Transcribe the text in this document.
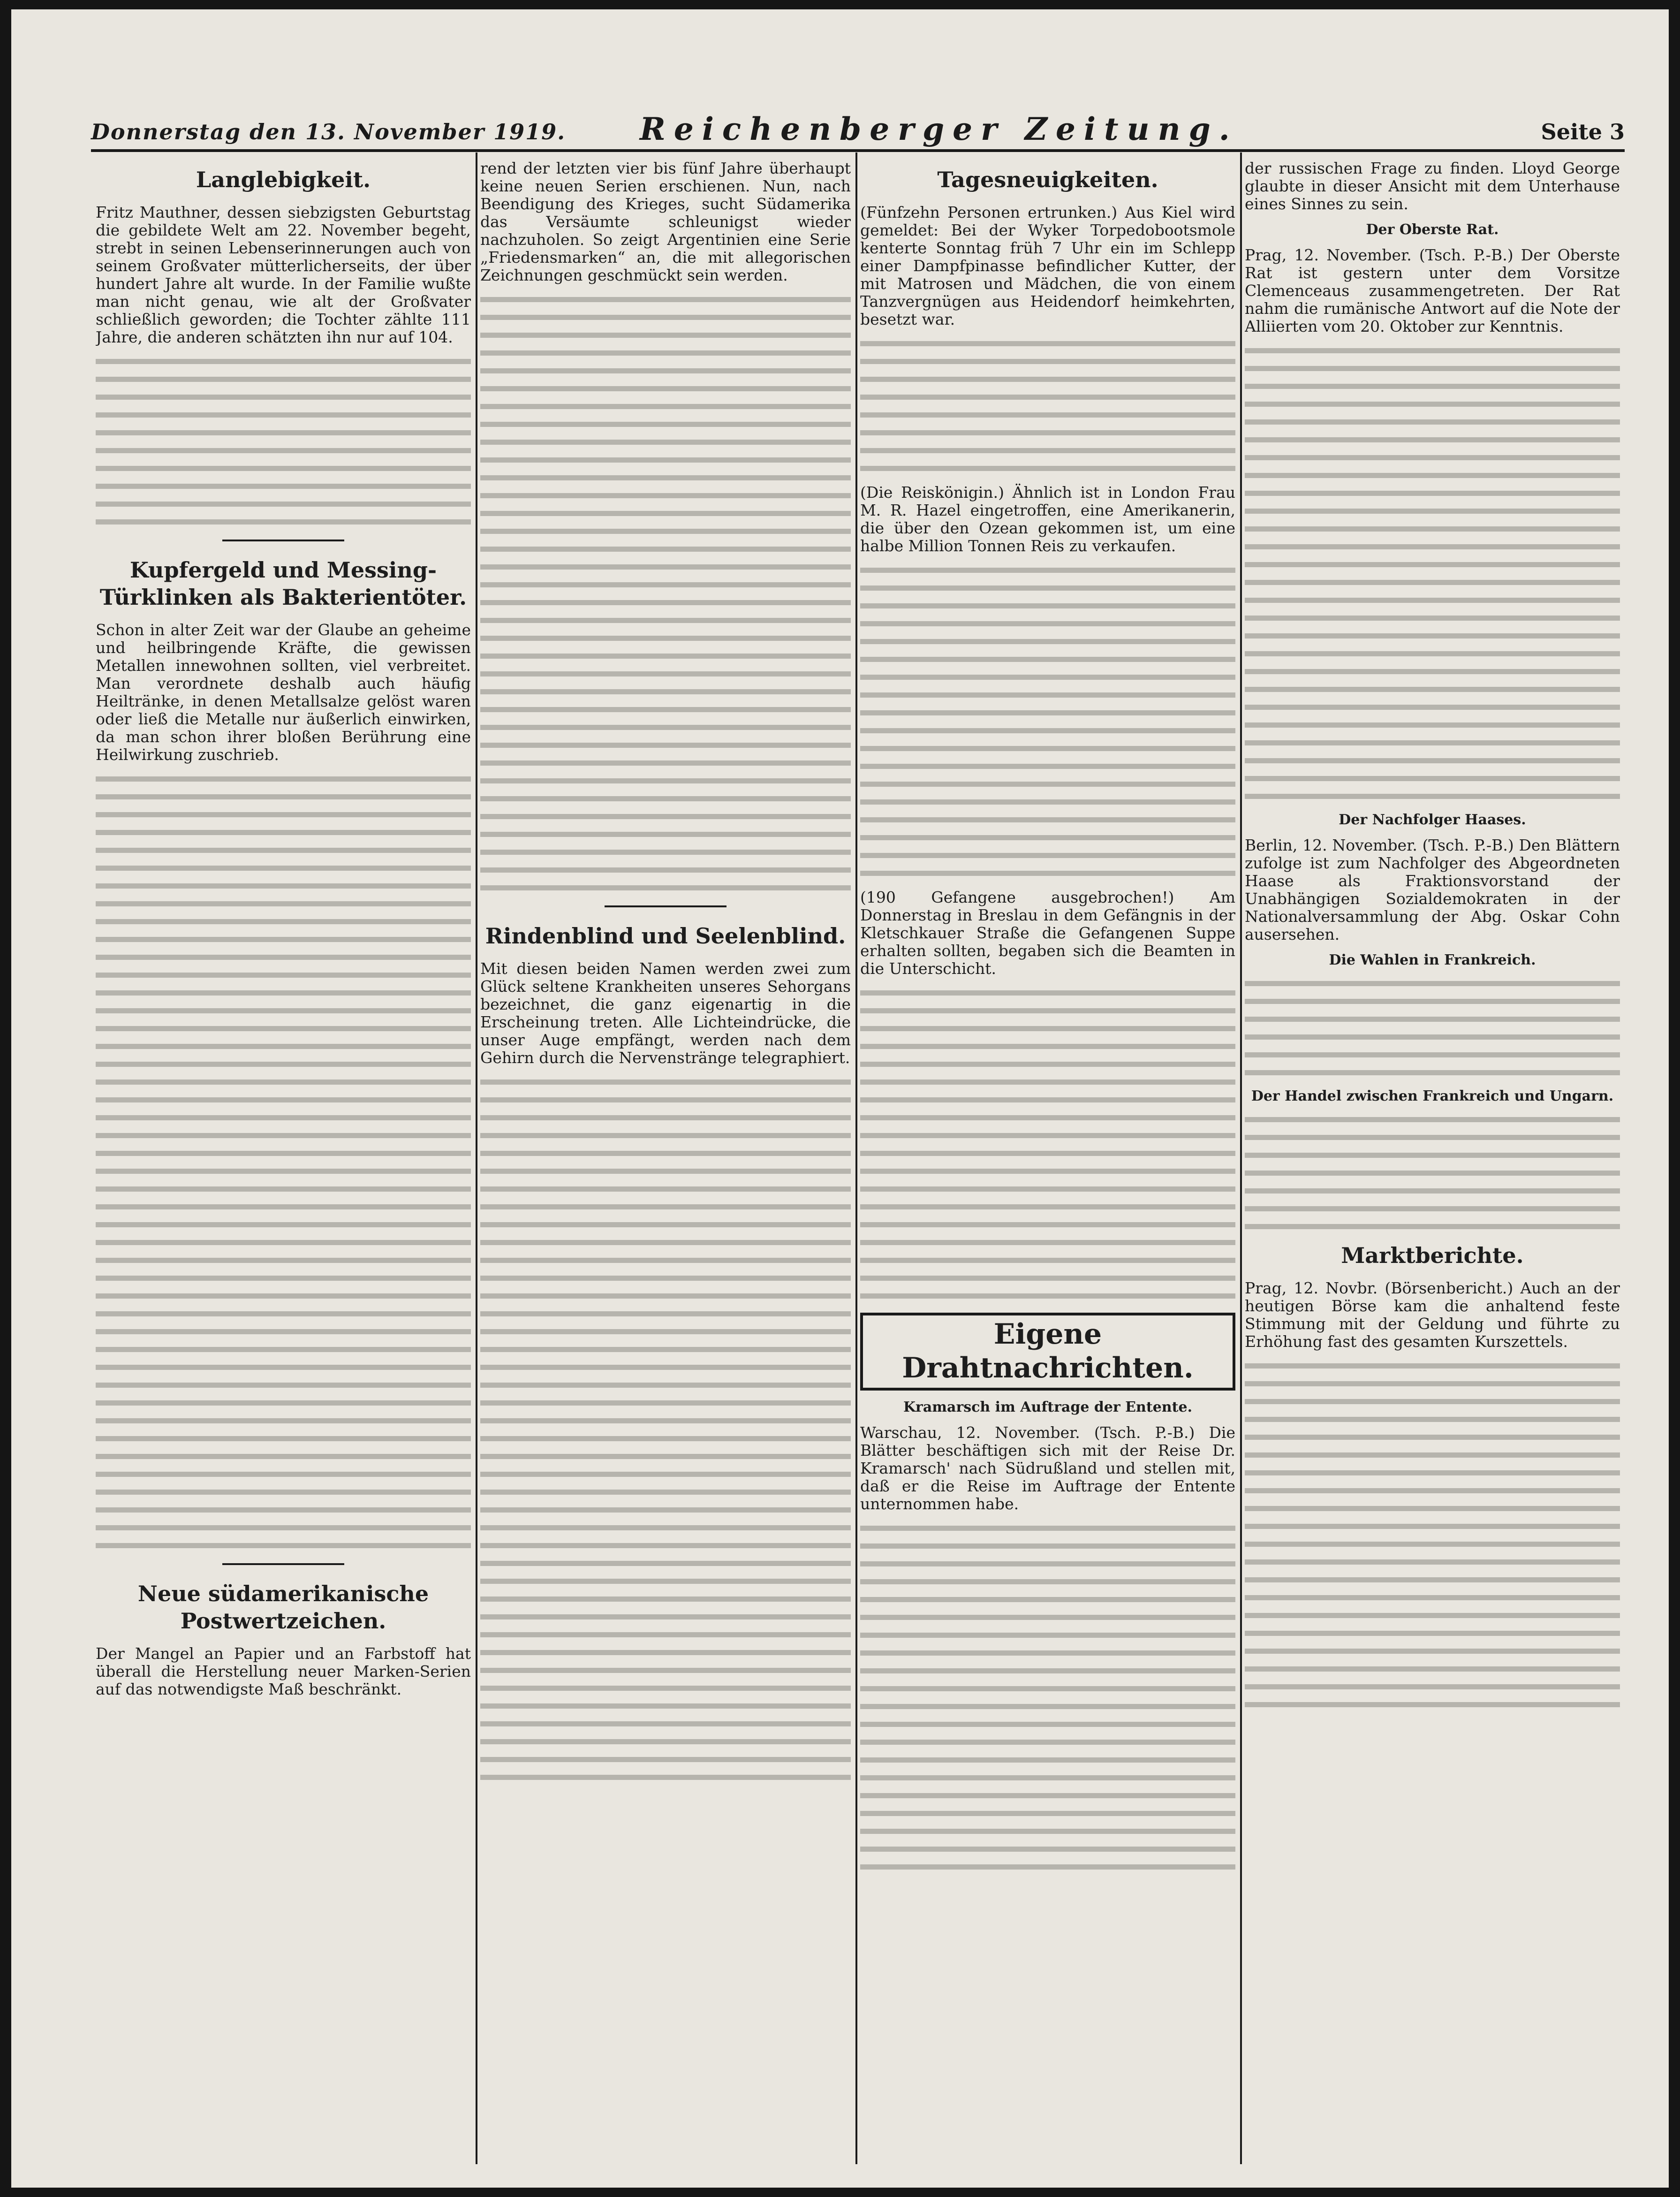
Donnerstag den 13. November 1919. Reichenberger Zeitung.	Seite 3
Langlebigkeit.

Fritz Mauthner, dessen siebzigsten Geburtstag die gebildete Welt am 22. November begeht, strebt in seinen Lebenserinnerungen auch von seinem Großvater mütterlicherseits, der über hundert Jahre alt wurde. In der Familie wußte man nicht genau, wie alt der Großvater schließlich geworden; die Tochter zählte 111 Jahre, die anderen schätzten ihn nur auf 104.

Kupfergeld und Messing-Türklinken als Bakterientöter.

Schon in alter Zeit war der Glaube an geheime und heilbringende Kräfte, die gewissen Metallen innewohnen sollten, viel verbreitet. Man verordnete deshalb auch häufig Heiltränke, in denen Metallsalze gelöst waren oder ließ die Metalle nur äußerlich einwirken, da man schon ihrer bloßen Berührung eine Heilwirkung zuschrieb.

Neue südamerikanische Postwertzeichen.

Der Mangel an Papier und an Farbstoff hat überall die Herstellung neuer Marken-Serien auf das notwendigste Maß beschränkt.

rend der letzten vier bis fünf Jahre überhaupt keine neuen Serien erschienen. Nun, nach Beendigung des Krieges, sucht Südamerika das Versäumte schleunigst wieder nachzuholen. So zeigt Argentinien eine Serie „Friedensmarken“ an, die mit allegorischen Zeichnungen geschmückt sein werden.

Rindenblind und Seelenblind.

Mit diesen beiden Namen werden zwei zum Glück seltene Krankheiten unseres Sehorgans bezeichnet, die ganz eigenartig in die Erscheinung treten. Alle Lichteindrücke, die unser Auge empfängt, werden nach dem Gehirn durch die Nervenstränge telegraphiert.

Tagesneuigkeiten.

(Fünfzehn Personen ertrunken.) Aus Kiel wird gemeldet: Bei der Wyker Torpedobootsmole kenterte Sonntag früh 7 Uhr ein im Schlepp einer Dampfpinasse befindlicher Kutter, der mit Matrosen und Mädchen, die von einem Tanzvergnügen aus Heidendorf heimkehrten, besetzt war.

(Die Reiskönigin.) Ähnlich ist in London Frau M. R. Hazel eingetroffen, eine Amerikanerin, die über den Ozean gekommen ist, um eine halbe Million Tonnen Reis zu verkaufen.

(190 Gefangene ausgebrochen!) Am Donnerstag in Breslau in dem Gefängnis in der Kletschkauer Straße die Gefangenen Suppe erhalten sollten, begaben sich die Beamten in die Unterschicht.

Eigene Drahtnachrichten.
Kramarsch im Auftrage der Entente.

Warschau, 12. November. (Tsch. P.-B.) Die Blätter beschäftigen sich mit der Reise Dr. Kramarsch' nach Südrußland und stellen mit, daß er die Reise im Auftrage der Entente unternommen habe.

der russischen Frage zu finden. Lloyd George glaubte in dieser Ansicht mit dem Unterhause eines Sinnes zu sein.

Der Oberste Rat.

Prag, 12. November. (Tsch. P.-B.) Der Oberste Rat ist gestern unter dem Vorsitze Clemenceaus zusammengetreten. Der Rat nahm die rumänische Antwort auf die Note der Alliierten vom 20. Oktober zur Kenntnis.

Der Nachfolger Haases.

Berlin, 12. November. (Tsch. P.-B.) Den Blättern zufolge ist zum Nachfolger des Abgeordneten Haase als Fraktionsvorstand der Unabhängigen Sozialdemokraten in der Nationalversammlung der Abg. Oskar Cohn ausersehen.

Die Wahlen in Frankreich.
Der Handel zwischen Frankreich und Ungarn.
Marktberichte.

Prag, 12. Novbr. (Börsenbericht.) Auch an der heutigen Börse kam die anhaltend feste Stimmung mit der Geldung und führte zu Erhöhung fast des gesamten Kurszettels.
